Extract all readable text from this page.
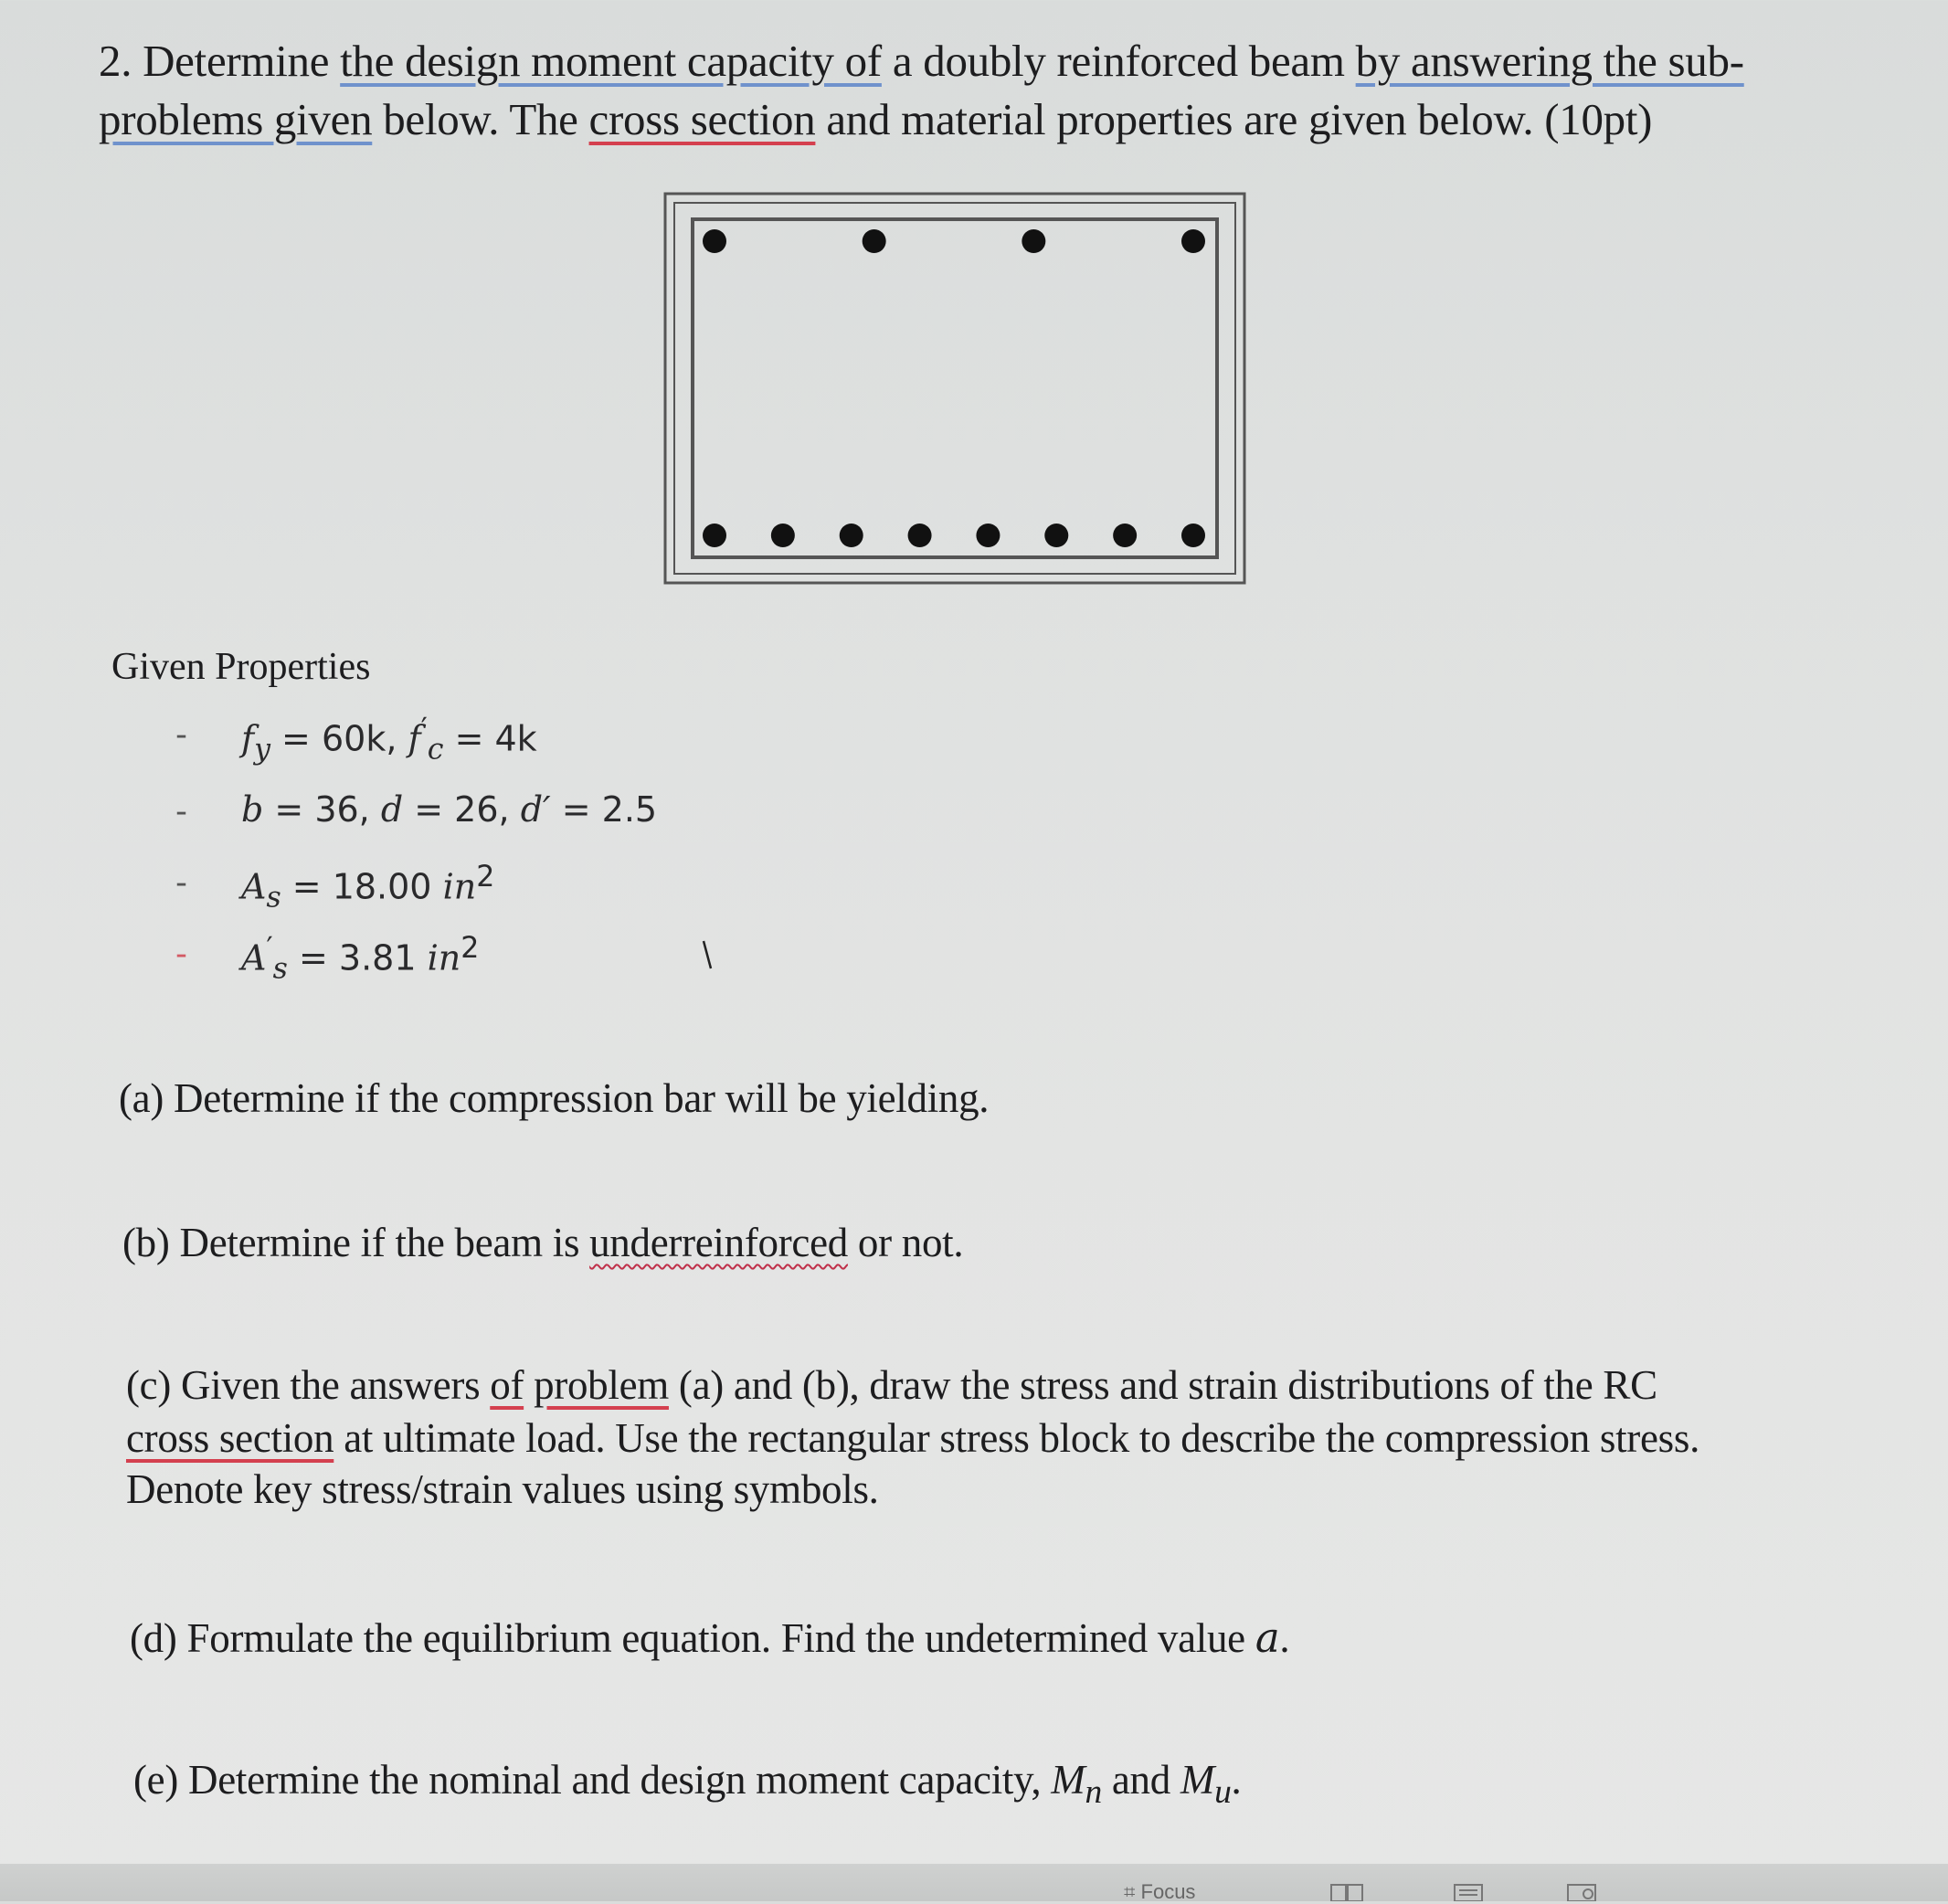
2. Determine the design moment capacity of a doubly reinforced beam by answering the sub-
problems given below. The cross section and material properties are given below. (10pt)
Given Properties
- $f_y = 60k$, $f'_c = 4k$
- b = 36, d = 26, d′ = 2.5
- $A_s = 18.00$ $in^2$
- $A'_s = 3.81$ $in^2$
(a) Determine if the compression bar will be yielding.
(b) Determine if the beam is underreinforced or not.
(c) Given the answers of problem (a) and (b), draw the stress and strain distributions of the RC
cross section at ultimate load. Use the rectangular stress block to describe the compression stress.
Denote key stress/strain values using symbols.
(d) Formulate the equilibrium equation. Find the undetermined value a.
(e) Determine the nominal and design moment capacity, $M_n$ and $M_u$.
⌗ Focus
